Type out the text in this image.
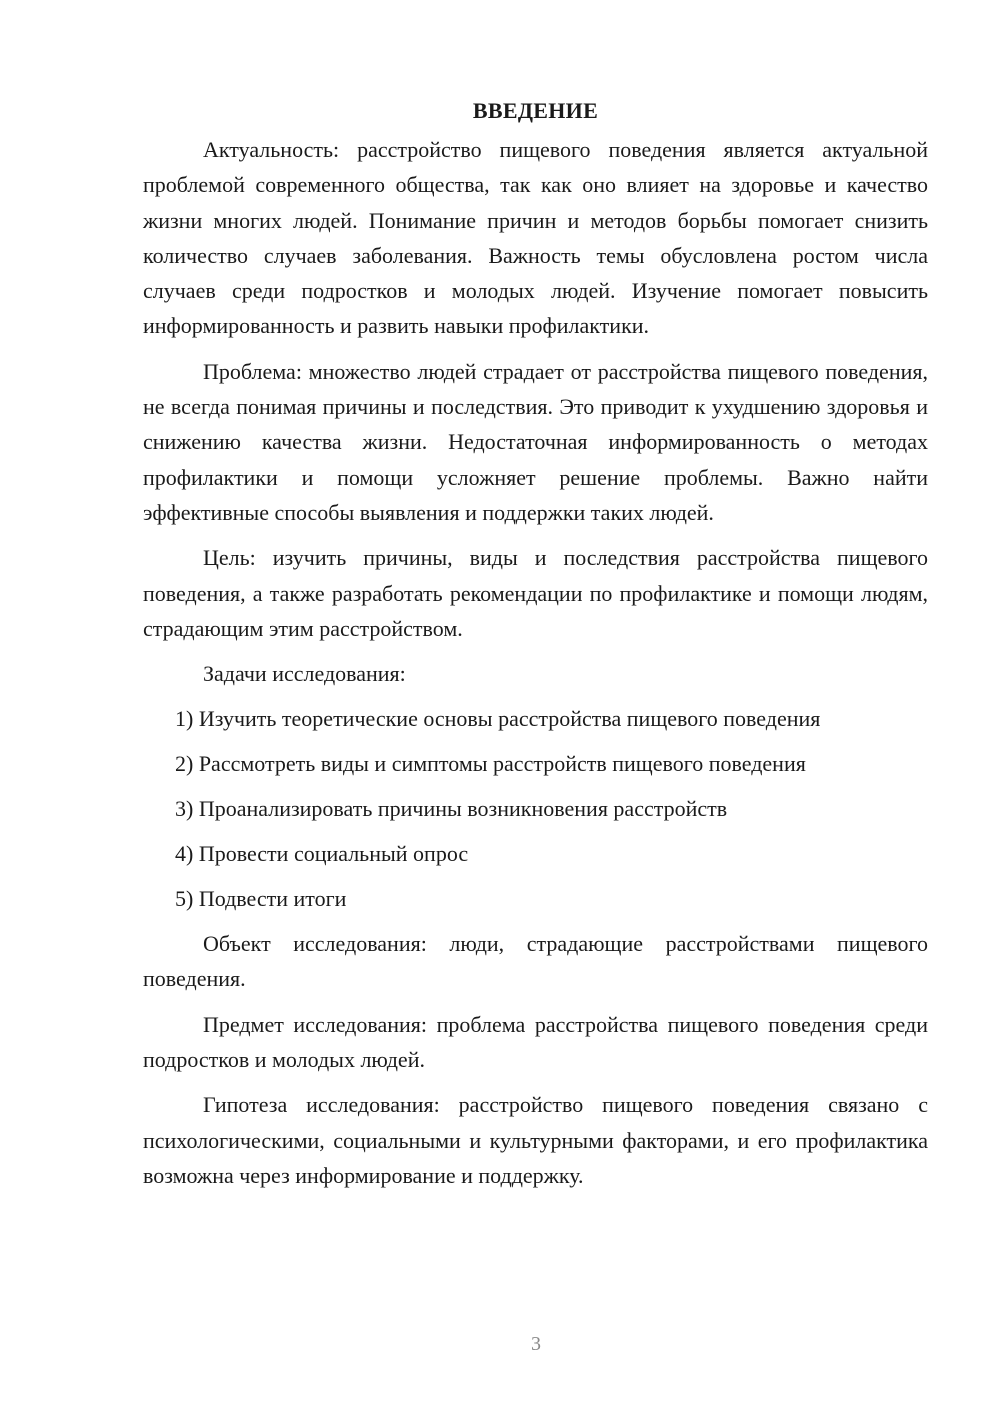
ВВЕДЕНИЕ

Актуальность: расстройство пищевого поведения является актуальной проблемой современного общества, так как оно влияет на здоровье и качество жизни многих людей. Понимание причин и методов борьбы помогает снизить количество случаев заболевания. Важность темы обусловлена ростом числа случаев среди подростков и молодых людей. Изучение помогает повысить информированность и развить навыки профилактики.

Проблема: множество людей страдает от расстройства пищевого поведения, не всегда понимая причины и последствия. Это приводит к ухудшению здоровья и снижению качества жизни. Недостаточная информированность о методах профилактики и помощи усложняет решение проблемы. Важно найти эффективные способы выявления и поддержки таких людей.

Цель: изучить причины, виды и последствия расстройства пищевого поведения, а также разработать рекомендации по профилактике и помощи людям, страдающим этим расстройством.

Задачи исследования:

1) Изучить теоретические основы расстройства пищевого поведения
2) Рассмотреть виды и симптомы расстройств пищевого поведения
3) Проанализировать причины возникновения расстройств
4) Провести социальный опрос
5) Подвести итоги

Объект исследования: люди, страдающие расстройствами пищевого поведения.

Предмет исследования: проблема расстройства пищевого поведения среди подростков и молодых людей.

Гипотеза исследования: расстройство пищевого поведения связано с психологическими, социальными и культурными факторами, и его профилактика возможна через информирование и поддержку.

3
